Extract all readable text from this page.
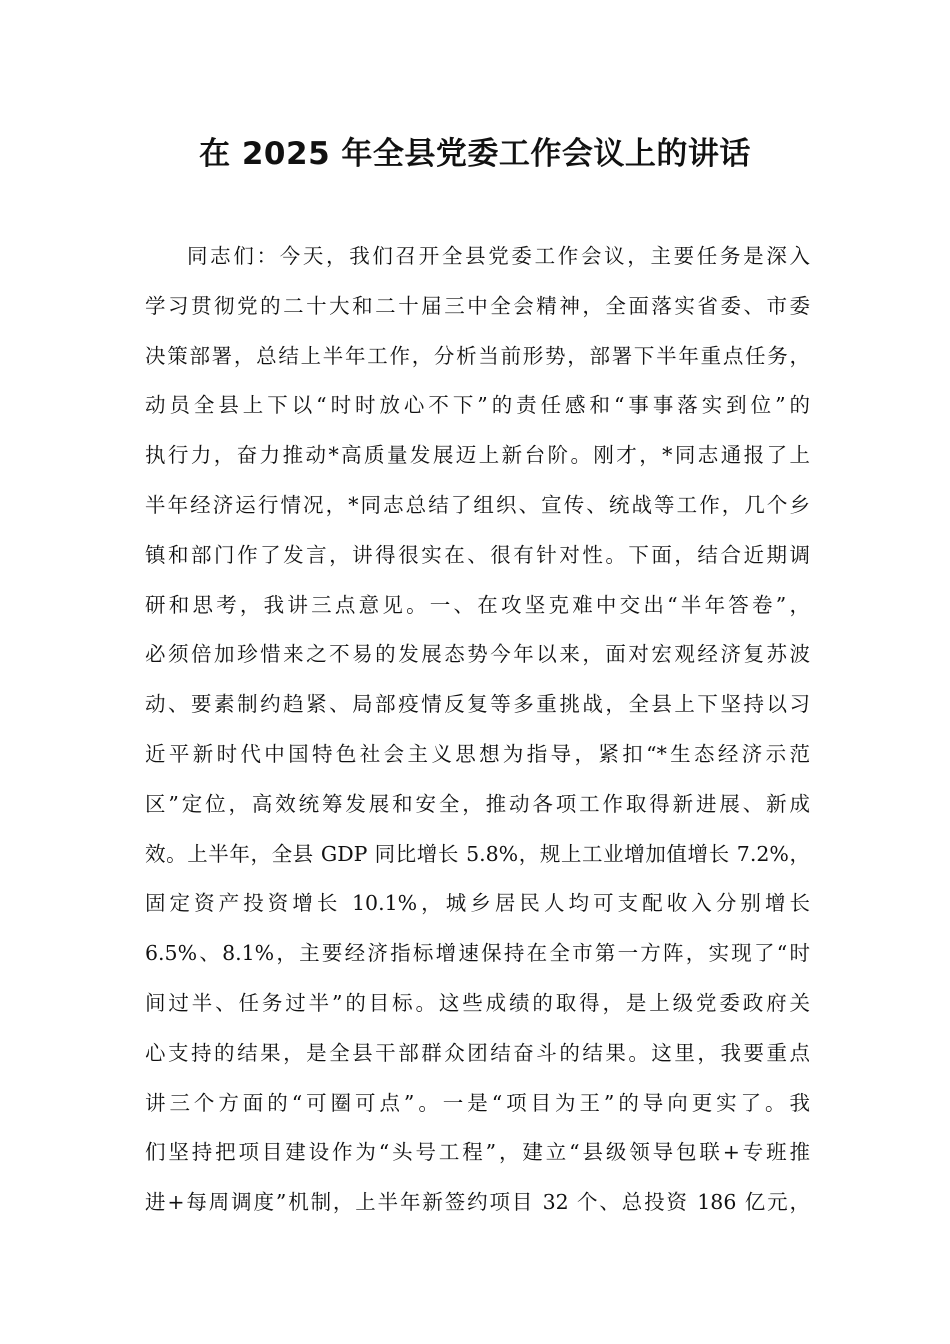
在 2025 年全县党委工作会议上的讲话
同志们：今天，我们召开全县党委工作会议，主要任务是深入
学习贯彻党的二十大和二十届三中全会精神，全面落实省委、市委
决策部署，总结上半年工作，分析当前形势，部署下半年重点任务，
动员全县上下以“时时放心不下”的责任感和“事事落实到位”的
执行力，奋力推动*高质量发展迈上新台阶。刚才，*同志通报了上
半年经济运行情况，*同志总结了组织、宣传、统战等工作，几个乡
镇和部门作了发言，讲得很实在、很有针对性。下面，结合近期调
研和思考，我讲三点意见。一、在攻坚克难中交出“半年答卷”，
必须倍加珍惜来之不易的发展态势今年以来，面对宏观经济复苏波
动、要素制约趋紧、局部疫情反复等多重挑战，全县上下坚持以习
近平新时代中国特色社会主义思想为指导，紧扣“*生态经济示范
区”定位，高效统筹发展和安全，推动各项工作取得新进展、新成
效。上半年，全县 GDP 同比增长 5.8%，规上工业增加值增长 7.2%，
固定资产投资增长 10.1%，城乡居民人均可支配收入分别增长
6.5%、8.1%，主要经济指标增速保持在全市第一方阵，实现了“时
间过半、任务过半”的目标。这些成绩的取得，是上级党委政府关
心支持的结果，是全县干部群众团结奋斗的结果。这里，我要重点
讲三个方面的“可圈可点”。一是“项目为王”的导向更实了。我
们坚持把项目建设作为“头号工程”，建立“县级领导包联+专班推
进+每周调度”机制，上半年新签约项目 32 个、总投资 186 亿元，
